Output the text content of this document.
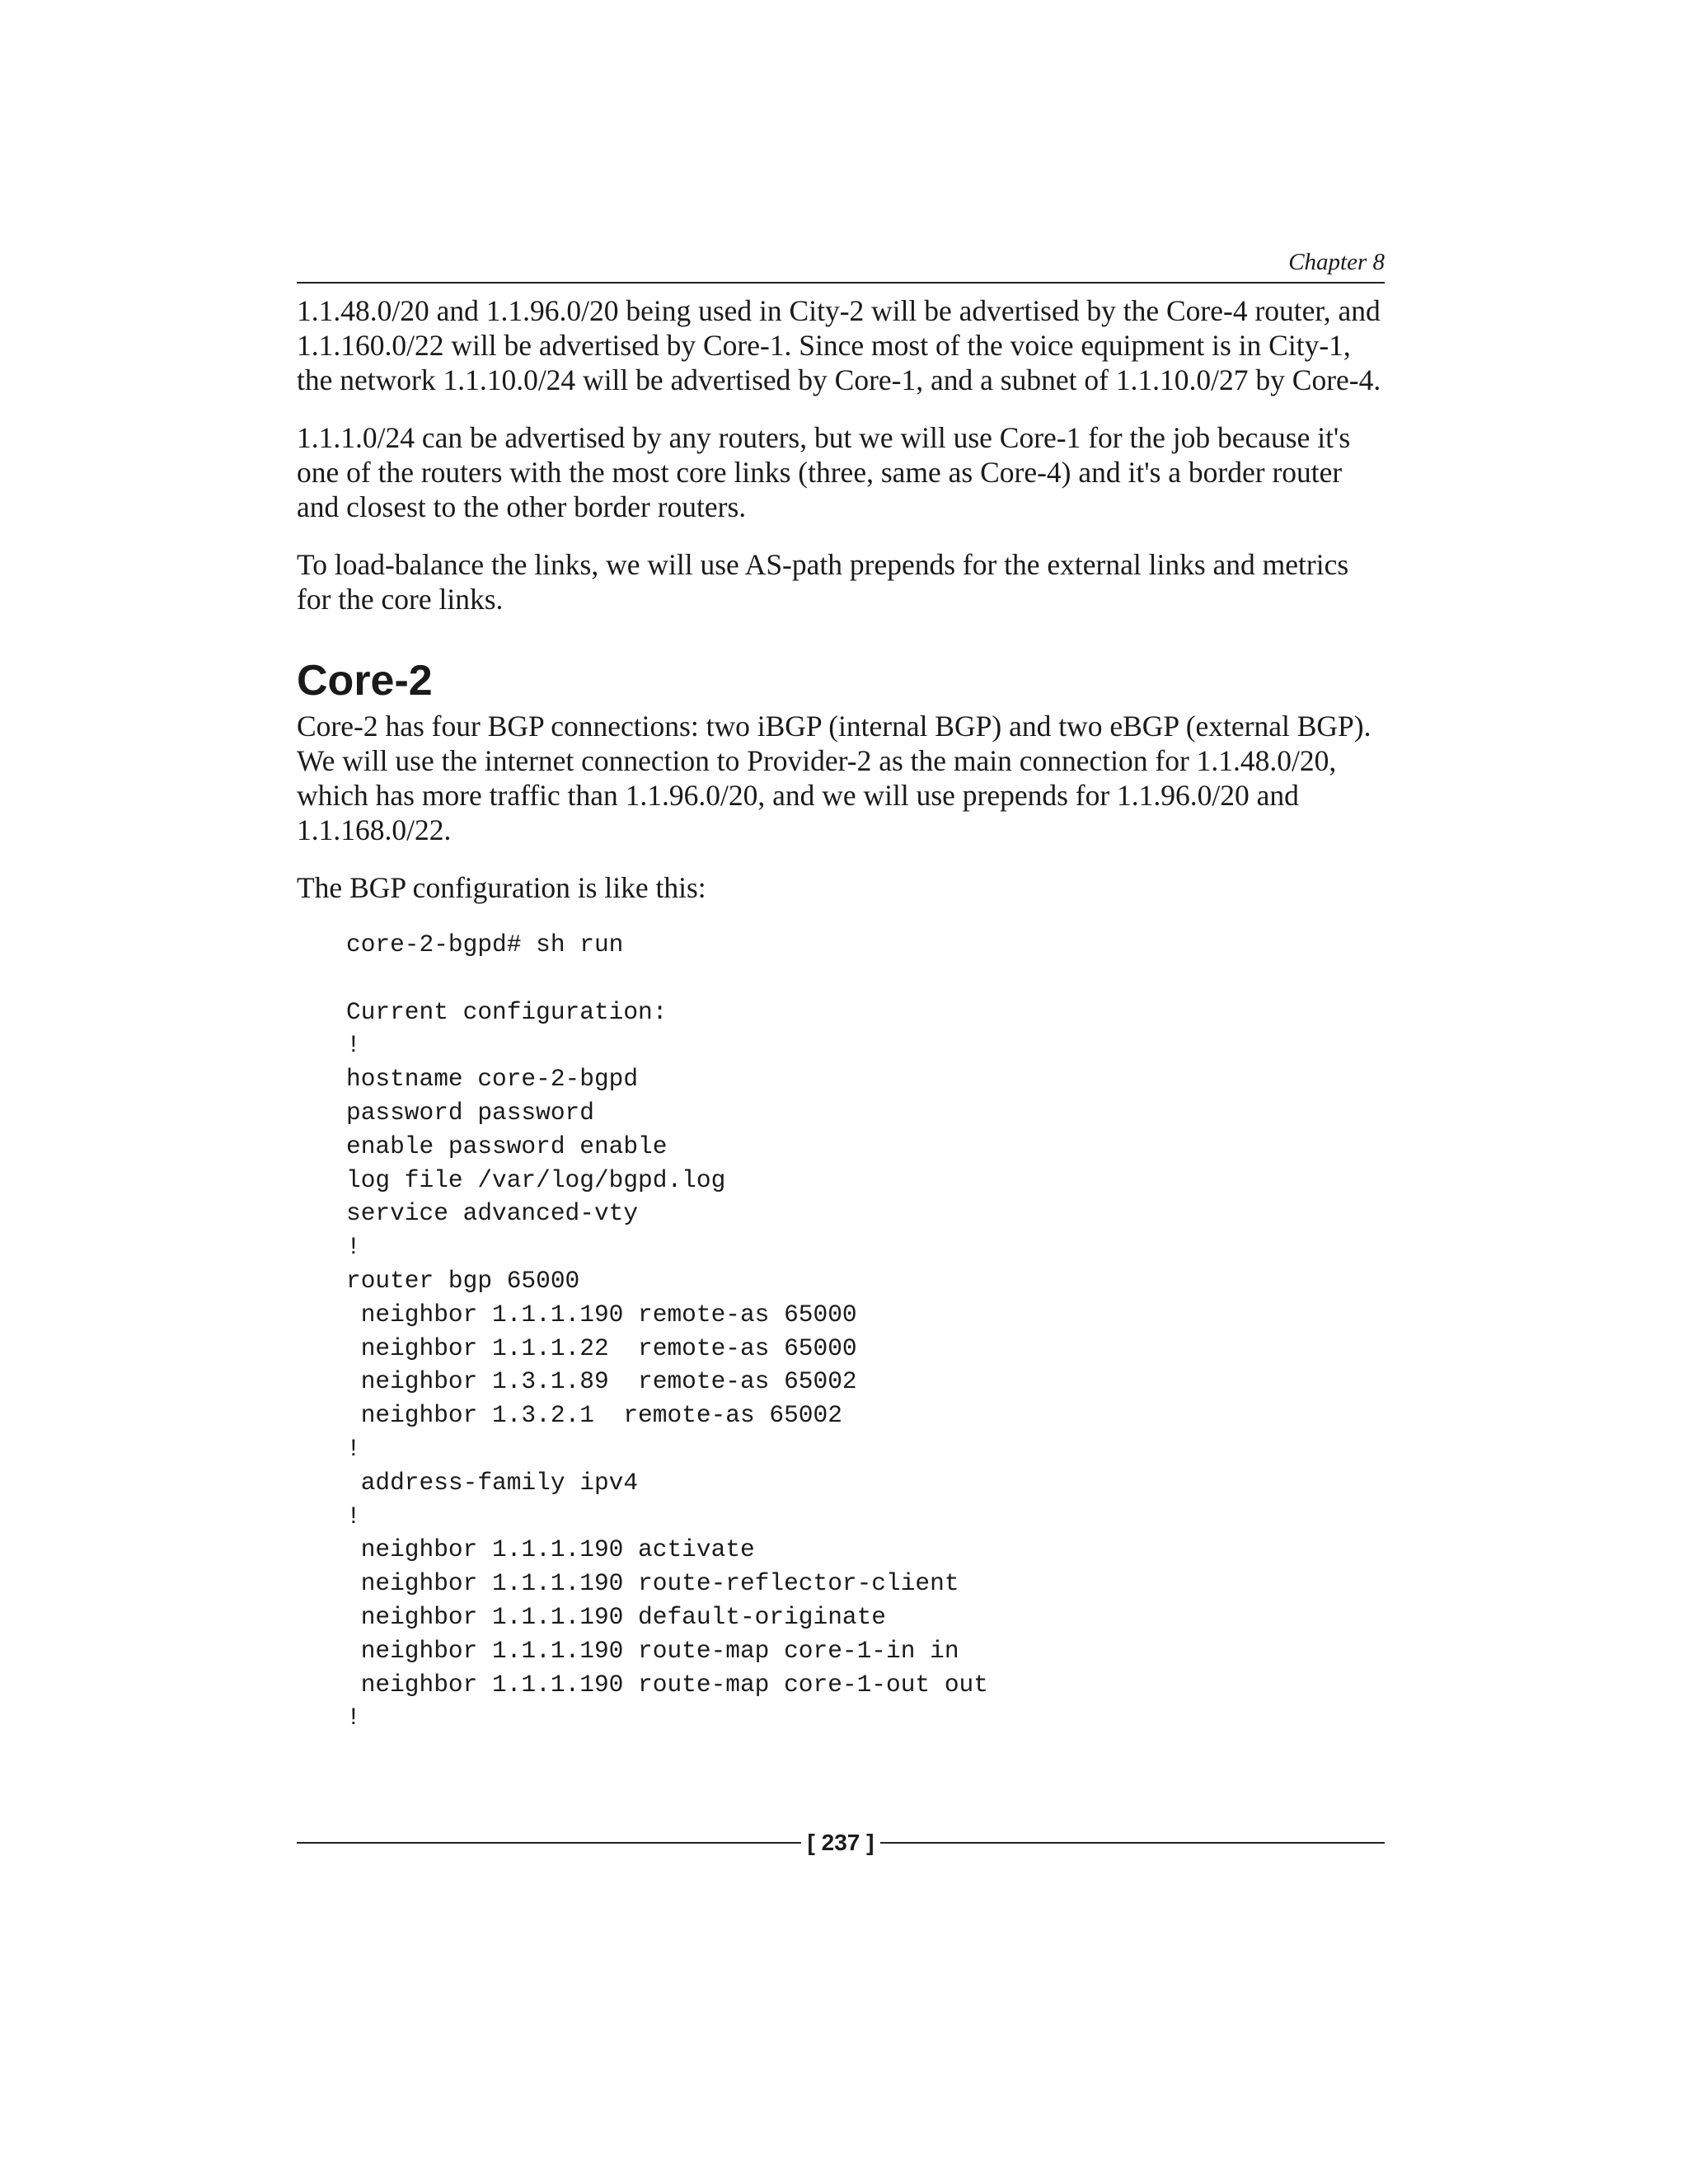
Chapter 8

1.1.48.0/20 and 1.1.96.0/20 being used in City-2 will be advertised by the Core-4 router, and 1.1.160.0/22 will be advertised by Core-1. Since most of the voice equipment is in City-1, the network 1.1.10.0/24 will be advertised by Core-1, and a subnet of 1.1.10.0/27 by Core-4.

1.1.1.0/24 can be advertised by any routers, but we will use Core-1 for the job because it's one of the routers with the most core links (three, same as Core-4) and it's a border router and closest to the other border routers.

To load-balance the links, we will use AS-path prepends for the external links and metrics for the core links.

Core-2

Core-2 has four BGP connections: two iBGP (internal BGP) and two eBGP (external BGP). We will use the internet connection to Provider-2 as the main connection for 1.1.48.0/20, which has more traffic than 1.1.96.0/20, and we will use prepends for 1.1.96.0/20 and 1.1.168.0/22.

The BGP configuration is like this:

core-2-bgpd# sh run
Current configuration:
!
hostname core-2-bgpd
password password
enable password enable
log file /var/log/bgpd.log
service advanced-vty
!
router bgp 65000
neighbor 1.1.1.190 remote-as 65000
neighbor 1.1.1.22  remote-as 65000
neighbor 1.3.1.89  remote-as 65002
neighbor 1.3.2.1  remote-as 65002
!
address-family ipv4
!
neighbor 1.1.1.190 activate
neighbor 1.1.1.190 route-reflector-client
neighbor 1.1.1.190 default-originate
neighbor 1.1.1.190 route-map core-1-in in
neighbor 1.1.1.190 route-map core-1-out out
!
[ 237 ]
